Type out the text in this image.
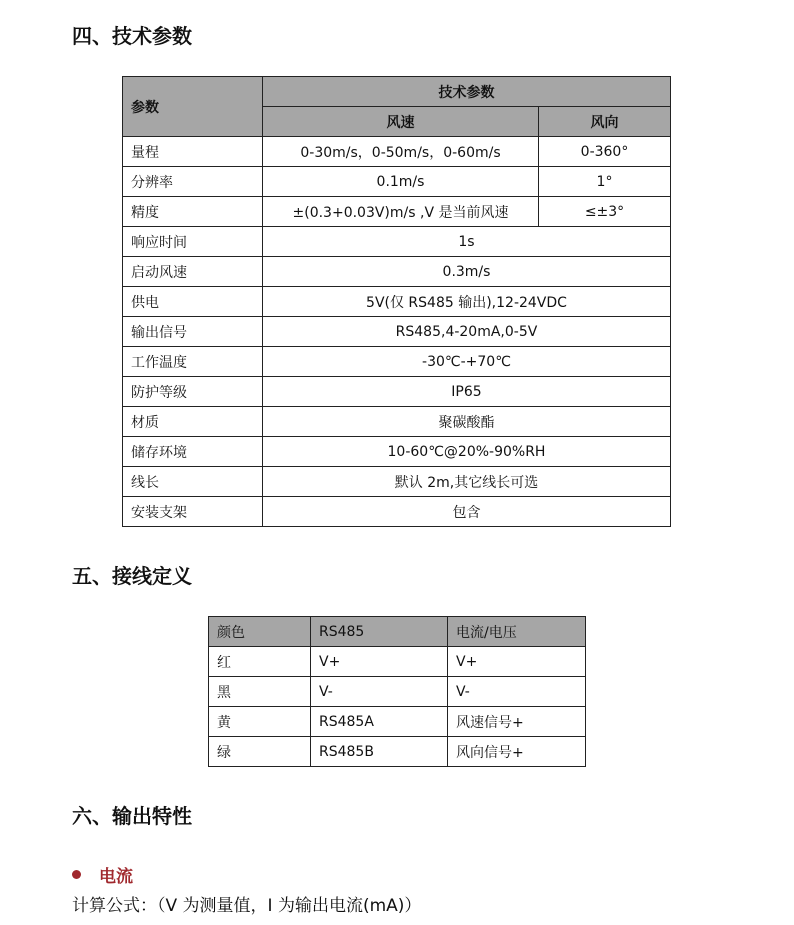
四、技术参数
参数	技术参数	
	风速	风向
量程	0-30m/s，0-50m/s，0-60m/s	0-360°
分辨率	0.1m/s	1°
精度	±(0.3+0.03V)m/s ,V 是当前风速	≤±3°
响应时间	1s	
启动风速	0.3m/s	
供电	5V(仅 RS485 输出),12-24VDC	
输出信号	RS485,4-20mA,0-5V	
工作温度	-30℃-+70℃	
防护等级	IP65	
材质	聚碳酸酯	
储存环境	10-60℃@20%-90%RH	
线长	默认 2m,其它线长可选	
安装支架	包含	
五、接线定义
颜色	RS485	电流/电压
红	V+	V+
黑	V-	V-
黄	RS485A	风速信号+
绿	RS485B	风向信号+
六、输出特性
电流
计算公式：（V 为测量值，I 为输出电流(mA)）
